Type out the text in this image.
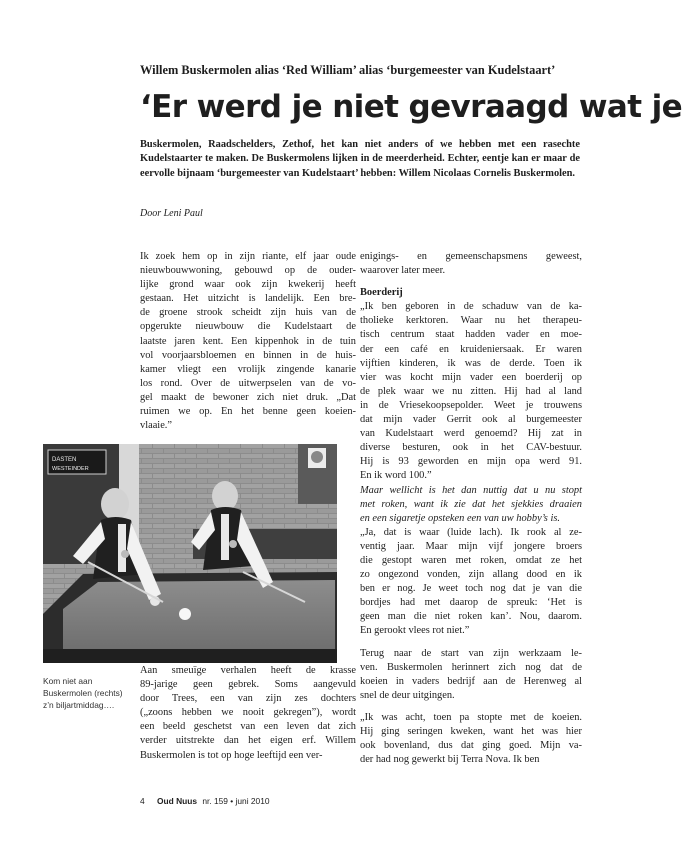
Willem Buskermolen alias ‘Red William’ alias ‘burgemeester van Kudelstaart’
‘Er werd je niet gevraagd wat je
Buskermolen, Raadschelders, Zethof, het kan niet anders of we hebben met een rasechte Kudelstaarter te maken. De Buskermolens lijken in de meerderheid. Echter, eentje kan er maar de eervolle bijnaam ‘burgemeester van Kudelstaart’ hebben: Willem Nicolaas Cornelis Buskermolen.
Door Leni Paul
Ik zoek hem op in zijn riante, elf jaar oude
nieuwbouwwoning, gebouwd op de ouder-
lijke grond waar ook zijn kwekerij heeft
gestaan. Het uitzicht is landelijk. Een bre-
de groene strook scheidt zijn huis van de
opgerukte nieuwbouw die Kudelstaart de
laatste jaren kent. Een kippenhok in de tuin
vol voorjaarsbloemen en binnen in de huis-
kamer vliegt een vrolijk zingende kanarie
los rond. Over de uitwerpselen van de vo-
gel maakt de bewoner zich niet druk. „Dat
ruimen we op. En het benne geen koeien-
vlaaie.”
DASTEN
WESTEINDER
Kom niet aan Buskermolen (rechts) z’n biljartmiddag….
Aan smeuïge verhalen heeft de krasse
89-jarige geen gebrek. Soms aangevuld
door Trees, een van zijn zes dochters
(„zoons hebben we nooit gekregen”), wordt
een beeld geschetst van een leven dat zich
verder uitstrekte dan het eigen erf. Willem
Buskermolen is tot op hoge leeftijd een ver-
enigings- en gemeenschapsmens geweest,
waarover later meer.
Boerderij
„Ik ben geboren in de schaduw van de ka-
tholieke kerktoren. Waar nu het therapeu-
tisch centrum staat hadden vader en moe-
der een café en kruideniersaak. Er waren
vijftien kinderen, ik was de derde. Toen ik
vier was kocht mijn vader een boerderij op
de plek waar we nu zitten. Hij had al land
in de Vriesekoopsepolder. Weet je trouwens
dat mijn vader Gerrit ook al burgemeester
van Kudelstaart werd genoemd? Hij zat in
diverse besturen, ook in het CAV-bestuur.
Hij is 93 geworden en mijn opa werd 91.
En ik word 100.”
Maar wellicht is het dan nuttig dat u nu stopt
met roken, want ik zie dat het sjekkies draaien
en een sigaretje opsteken een van uw hobby’s is.
„Ja, dat is waar (luide lach). Ik rook al ze-
ventig jaar. Maar mijn vijf jongere broers
die gestopt waren met roken, omdat ze het
zo ongezond vonden, zijn allang dood en ik
ben er nog. Je weet toch nog dat je van die
bordjes had met daarop de spreuk: ‘Het is
geen man die niet roken kan’. Nou, daarom.
En gerookt vlees rot niet.”
Terug naar de start van zijn werkzaam le-
ven. Buskermolen herinnert zich nog dat de
koeien in vaders bedrijf aan de Herenweg al
snel de deur uitgingen.
„Ik was acht, toen pa stopte met de koeien.
Hij ging seringen kweken, want het was hier
ook bovenland, dus dat ging goed. Mijn va-
der had nog gewerkt bij Terra Nova. Ik ben
4 Oud Nuus nr. 159 • juni 2010
